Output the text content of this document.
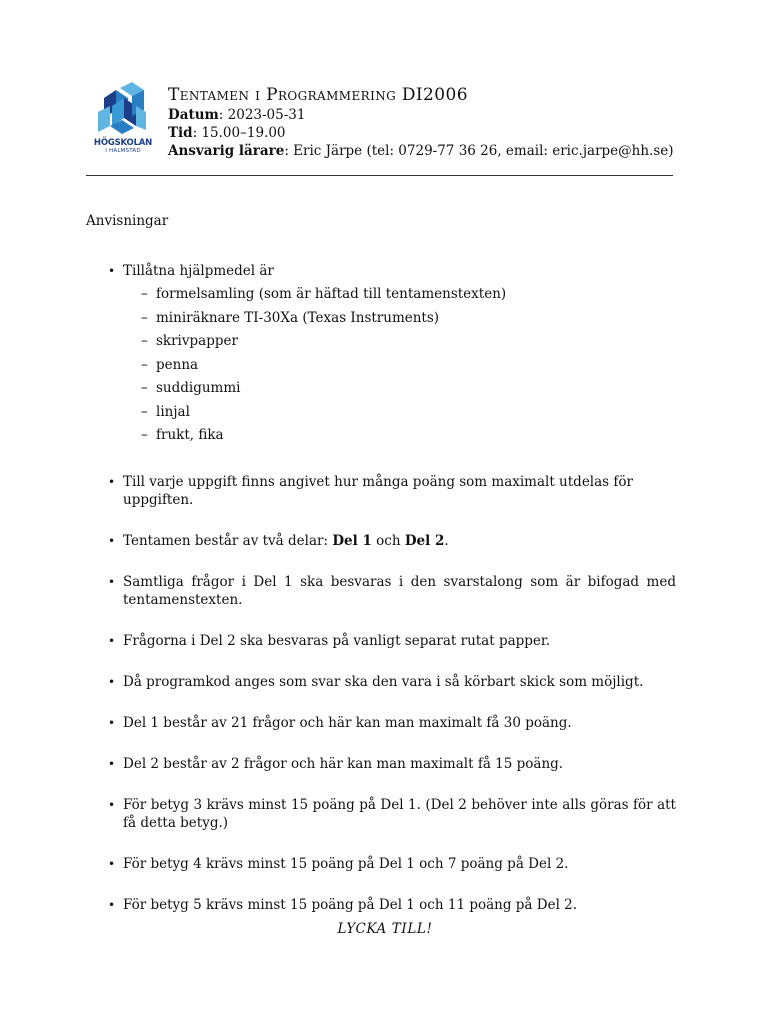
HÖGSKOLAN
I HALMSTAD
Tentamen i Programmering DI2006
Datum: 2023-05-31
Tid: 15.00–19.00
Ansvarig lärare: Eric Järpe (tel: 0729-77 36 26, email: eric.jarpe@hh.se)
Anvisningar
• Tillåtna hjälpmedel är
– formelsamling (som är häftad till tentamenstexten)
– miniräknare TI-30Xa (Texas Instruments)
– skrivpapper
– penna
– suddigummi
– linjal
– frukt, fika
• Till varje uppgift finns angivet hur många poäng som maximalt utdelas för uppgiften.
• Tentamen består av två delar: Del 1 och Del 2.
• Samtliga frågor i Del 1 ska besvaras i den svarstalong som är bifogad med tentamenstexten.
• Frågorna i Del 2 ska besvaras på vanligt separat rutat papper.
• Då programkod anges som svar ska den vara i så körbart skick som möjligt.
• Del 1 består av 21 frågor och här kan man maximalt få 30 poäng.
• Del 2 består av 2 frågor och här kan man maximalt få 15 poäng.
• För betyg 3 krävs minst 15 poäng på Del 1. (Del 2 behöver inte alls göras för att få detta betyg.)
• För betyg 4 krävs minst 15 poäng på Del 1 och 7 poäng på Del 2.
• För betyg 5 krävs minst 15 poäng på Del 1 och 11 poäng på Del 2.
LYCKA TILL!
